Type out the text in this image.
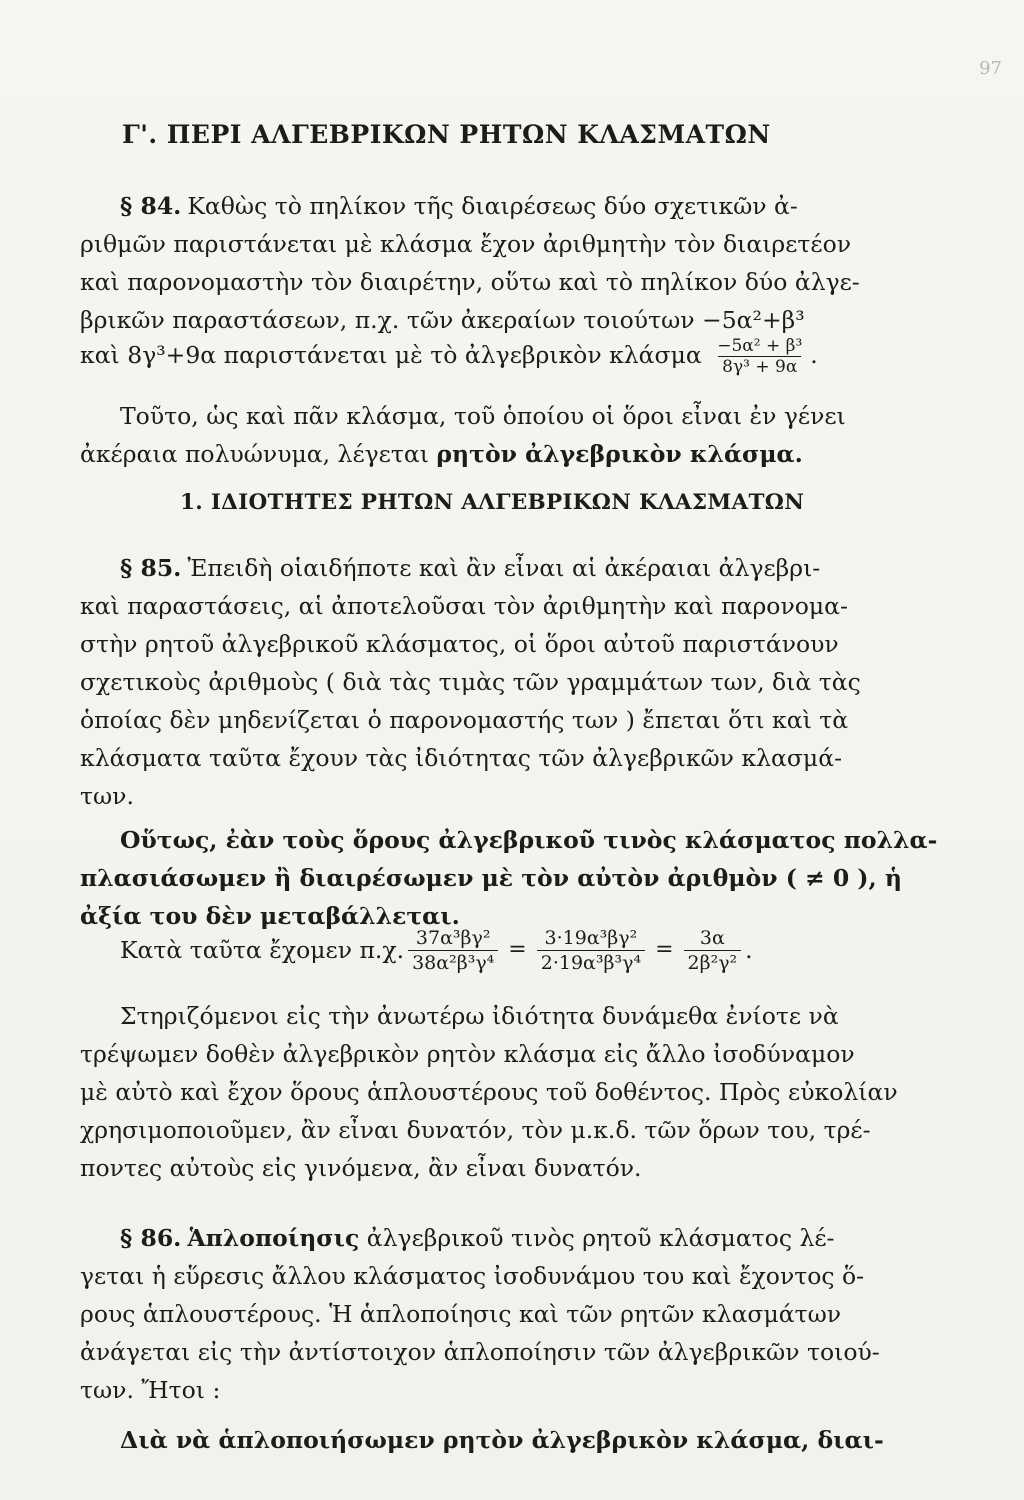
97
Γ'. ΠΕΡΙ ΑΛΓΕΒΡΙΚΩΝ ΡΗΤΩΝ ΚΛΑΣΜΑΤΩΝ
§ 84. Καθὼς τὸ πηλίκον τῆς διαιρέσεως δύο σχετικῶν ἀ-
ριθμῶν παριστάνεται μὲ κλάσμα ἔχον ἀριθμητὴν τὸν διαιρετέον
καὶ παρονομαστὴν τὸν διαιρέτην, οὕτω καὶ τὸ πηλίκον δύο ἀλγε-
βρικῶν παραστάσεων, π.χ. τῶν ἀκεραίων τοιούτων −5α²+β³
καὶ 8γ³+9α παριστάνεται μὲ τὸ ἀλγεβρικὸν κλάσμα $\frac{\text{−5α² + β³}}{\text{8γ³ + 9α}}$ .
Τοῦτο, ὡς καὶ πᾶν κλάσμα, τοῦ ὁποίου οἱ ὅροι εἶναι ἐν γένει
ἀκέραια πολυώνυμα, λέγεται ρητὸν ἀλγεβρικὸν κλάσμα.
1. ΙΔΙΟΤΗΤΕΣ ΡΗΤΩΝ ΑΛΓΕΒΡΙΚΩΝ ΚΛΑΣΜΑΤΩΝ
§ 85. Ἐπειδὴ οἱαιδήποτε καὶ ἂν εἶναι αἱ ἀκέραιαι ἀλγεβρι-
καὶ παραστάσεις, αἱ ἀποτελοῦσαι τὸν ἀριθμητὴν καὶ παρονομα-
στὴν ρητοῦ ἀλγεβρικοῦ κλάσματος, οἱ ὅροι αὐτοῦ παριστάνουν
σχετικοὺς ἀριθμοὺς ( διὰ τὰς τιμὰς τῶν γραμμάτων των, διὰ τὰς
ὁποίας δὲν μηδενίζεται ὁ παρονομαστής των ) ἔπεται ὅτι καὶ τὰ
κλάσματα ταῦτα ἔχουν τὰς ἰδιότητας τῶν ἀλγεβρικῶν κλασμά-
των.
Οὕτως, ἐὰν τοὺς ὅρους ἀλγεβρικοῦ τινὸς κλάσματος πολλα-
πλασιάσωμεν ἢ διαιρέσωμεν μὲ τὸν αὐτὸν ἀριθμὸν ( ≠ 0 ), ἡ
ἀξία του δὲν μεταβάλλεται.
Κατὰ ταῦτα ἔχομεν π.χ. $\frac{\text{37α³βγ²}}{\text{38α²β³γ⁴}} = \frac{\text{3·19α³βγ²}}{\text{2·19α³β³γ⁴}} = \frac{3\alpha}{\text{2β²γ²}}$ .
Στηριζόμενοι εἰς τὴν ἀνωτέρω ἰδιότητα δυνάμεθα ἐνίοτε νὰ
τρέψωμεν δοθὲν ἀλγεβρικὸν ρητὸν κλάσμα εἰς ἄλλο ἰσοδύναμον
μὲ αὐτὸ καὶ ἔχον ὅρους ἁπλουστέρους τοῦ δοθέντος. Πρὸς εὐκολίαν
χρησιμοποιοῦμεν, ἂν εἶναι δυνατόν, τὸν μ.κ.δ. τῶν ὅρων του, τρέ-
ποντες αὐτοὺς εἰς γινόμενα, ἂν εἶναι δυνατόν.
§ 86. Ἁπλοποίησις ἀλγεβρικοῦ τινὸς ρητοῦ κλάσματος λέ-
γεται ἡ εὕρεσις ἄλλου κλάσματος ἰσοδυνάμου του καὶ ἔχοντος ὅ-
ρους ἁπλουστέρους. Ἡ ἁπλοποίησις καὶ τῶν ρητῶν κλασμάτων
ἀνάγεται εἰς τὴν ἀντίστοιχον ἁπλοποίησιν τῶν ἀλγεβρικῶν τοιού-
των. Ἤτοι :
Διὰ νὰ ἁπλοποιήσωμεν ρητὸν ἀλγεβρικὸν κλάσμα, διαι-
